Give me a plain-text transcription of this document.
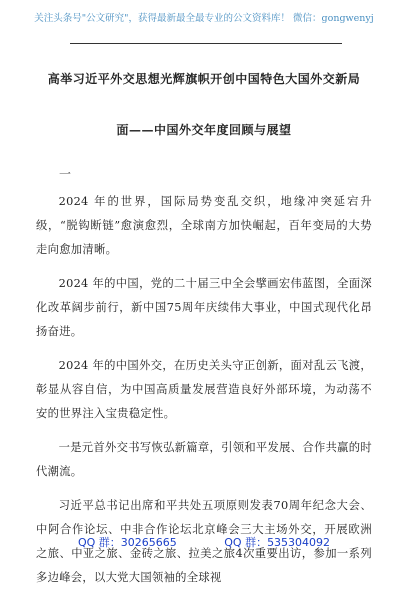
关注头条号"公文研究"，获得最新最全最专业的公文资料库！ 微信：gongwenyj
高举习近平外交思想光辉旗帜开创中国特色大国外交新局
面——中国外交年度回顾与展望
一

2024 年的世界，国际局势变乱交织，地缘冲突延宕升级，“脱钩断链”愈演愈烈，全球南方加快崛起，百年变局的大势走向愈加清晰。

2024 年的中国，党的二十届三中全会擘画宏伟蓝图，全面深化改革阔步前行，新中国75周年庆续伟大事业，中国式现代化昂扬奋进。

2024 年的中国外交，在历史关头守正创新，面对乱云飞渡，彰显从容自信，为中国高质量发展营造良好外部环境，为动荡不安的世界注入宝贵稳定性。

一是元首外交书写恢弘新篇章，引领和平发展、合作共赢的时代潮流。

习近平总书记出席和平共处五项原则发表70周年纪念大会、中阿合作论坛、中非合作论坛北京峰会三大主场外交，开展欧洲之旅、中亚之旅、金砖之旅、拉美之旅4次重要出访，参加一系列多边峰会，以大党大国领袖的全球视

QQ 群：30265665	QQ 群：535304092
